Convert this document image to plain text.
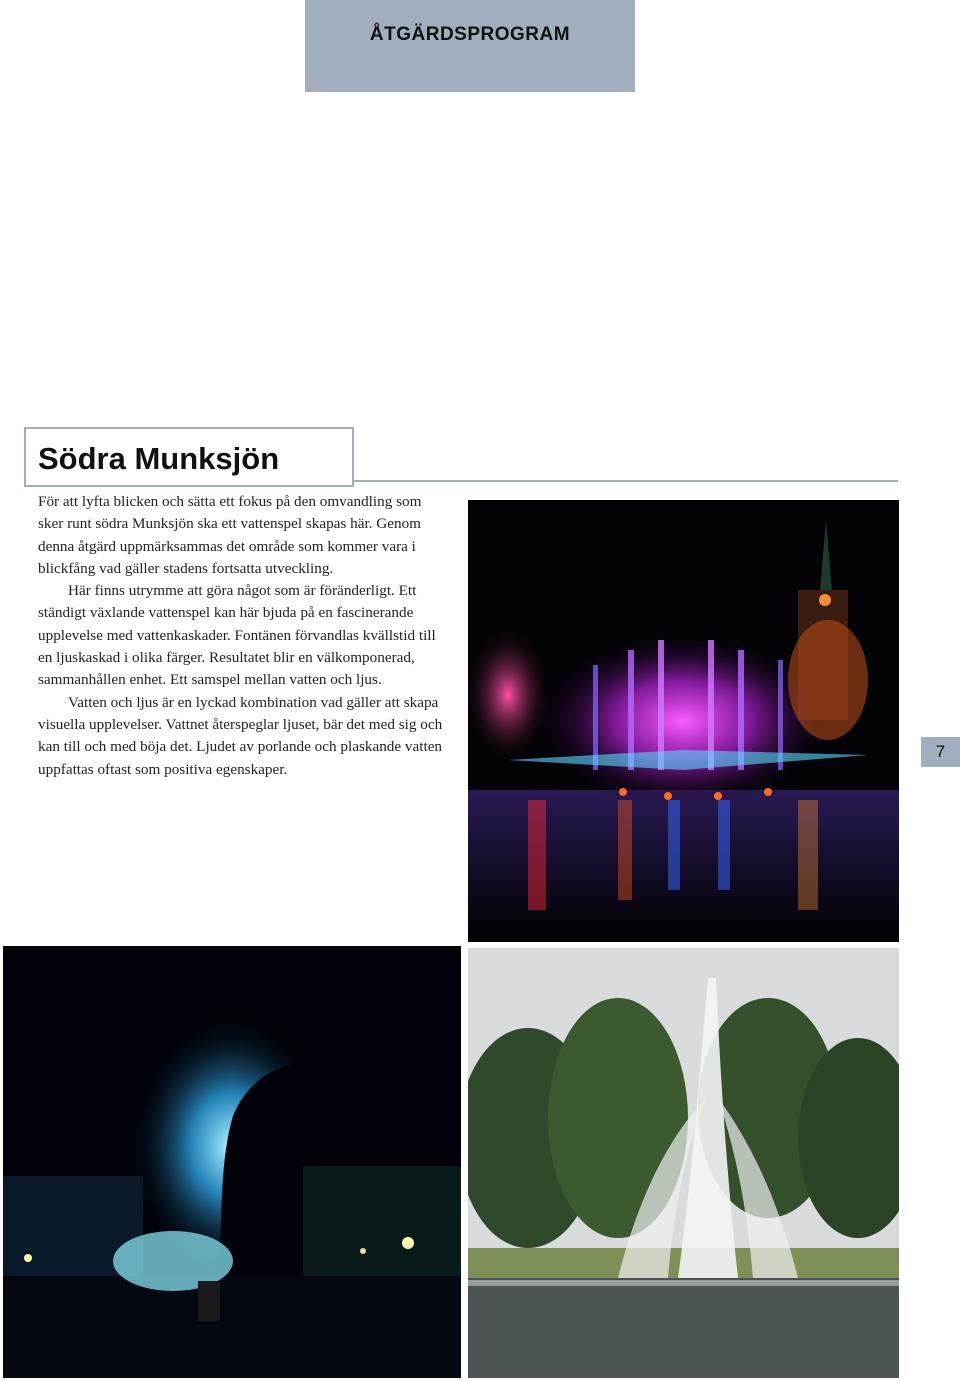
ÅTGÄRDSPROGRAM
Södra Munksjön

För att lyfta blicken och sätta ett fokus på den omvandling som sker runt södra Munksjön ska ett vattenspel skapas här. Genom denna åtgärd uppmärksammas det område som kommer vara i blickfång vad gäller stadens fortsatta utveckling.

Här finns utrymme att göra något som är föränderligt. Ett ständigt växlande vattenspel kan här bjuda på en fascinerande upplevelse med vattenkaskader. Fontänen förvandlas kvällstid till en ljuskaskad i olika färger. Resultatet blir en välkomponerad, sammanhållen enhet. Ett samspel mellan vatten och ljus.

Vatten och ljus är en lyckad kombination vad gäller att skapa visuella upplevelser. Vattnet återspeglar ljuset, bär det med sig och kan till och med böja det. Ljudet av porlande och plaskande vatten uppfattas oftast som positiva egenskaper.

7
